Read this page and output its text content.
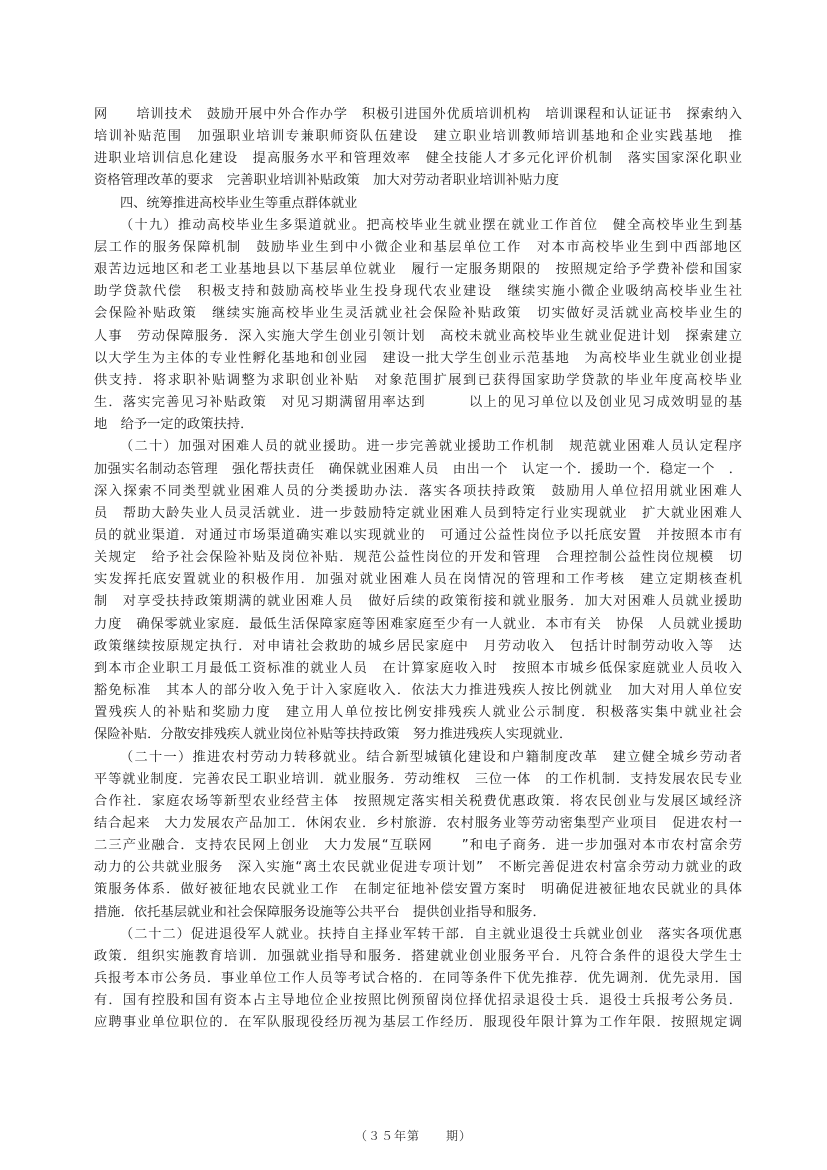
网　　培训技术　鼓励开展中外合作办学　积极引进国外优质培训机构　培训课程和认证证书　探索纳入

培训补贴范围　加强职业培训专兼职师资队伍建设　建立职业培训教师培训基地和企业实践基地　推

进职业培训信息化建设　提高服务水平和管理效率　健全技能人才多元化评价机制　落实国家深化职业

资格管理改革的要求　完善职业培训补贴政策　加大对劳动者职业培训补贴力度

四、统筹推进高校毕业生等重点群体就业

（十九）推动高校毕业生多渠道就业。把高校毕业生就业摆在就业工作首位　健全高校毕业生到基

层工作的服务保障机制　鼓励毕业生到中小微企业和基层单位工作　对本市高校毕业生到中西部地区

艰苦边远地区和老工业基地县以下基层单位就业　履行一定服务期限的　按照规定给予学费补偿和国家

助学贷款代偿　积极支持和鼓励高校毕业生投身现代农业建设　继续实施小微企业吸纳高校毕业生社

会保险补贴政策　继续实施高校毕业生灵活就业社会保险补贴政策　切实做好灵活就业高校毕业生的

人事　劳动保障服务．深入实施大学生创业引领计划　高校未就业高校毕业生就业促进计划　探索建立

以大学生为主体的专业性孵化基地和创业园　建设一批大学生创业示范基地　为高校毕业生就业创业提

供支持．将求职补贴调整为求职创业补贴　对象范围扩展到已获得国家助学贷款的毕业年度高校毕业

生．落实完善见习补贴政策　对见习期满留用率达到　　　以上的见习单位以及创业见习成效明显的基

地　给予一定的政策扶持．

（二十）加强对困难人员的就业援助。进一步完善就业援助工作机制　规范就业困难人员认定程序

加强实名制动态管理　强化帮扶责任　确保就业困难人员　由出一个　认定一个．援助一个．稳定一个　．

深入探索不同类型就业困难人员的分类援助办法．落实各项扶持政策　鼓励用人单位招用就业困难人

员　帮助大龄失业人员灵活就业．进一步鼓励特定就业困难人员到特定行业实现就业　扩大就业困难人

员的就业渠道．对通过市场渠道确实难以实现就业的　可通过公益性岗位予以托底安置　并按照本市有

关规定　给予社会保险补贴及岗位补贴．规范公益性岗位的开发和管理　合理控制公益性岗位规模　切

实发挥托底安置就业的积极作用．加强对就业困难人员在岗情况的管理和工作考核　建立定期核查机

制　对享受扶持政策期满的就业困难人员　做好后续的政策衔接和就业服务．加大对困难人员就业援助

力度　确保零就业家庭．最低生活保障家庭等困难家庭至少有一人就业．本市有关　协保　人员就业援助

政策继续按原规定执行．对申请社会救助的城乡居民家庭中　月劳动收入　包括计时制劳动收入等　达

到本市企业职工月最低工资标准的就业人员　在计算家庭收入时　按照本市城乡低保家庭就业人员收入

豁免标准　其本人的部分收入免于计入家庭收入．依法大力推进残疾人按比例就业　加大对用人单位安

置残疾人的补贴和奖励力度　建立用人单位按比例安排残疾人就业公示制度．积极落实集中就业社会

保险补贴．分散安排残疾人就业岗位补贴等扶持政策　努力推进残疾人实现就业．

（二十一）推进农村劳动力转移就业。结合新型城镇化建设和户籍制度改革　建立健全城乡劳动者

平等就业制度．完善农民工职业培训．就业服务．劳动维权　三位一体　的工作机制．支持发展农民专业

合作社．家庭农场等新型农业经营主体　按照规定落实相关税费优惠政策．将农民创业与发展区域经济

结合起来　大力发展农产品加工．休闲农业．乡村旅游．农村服务业等劳动密集型产业项目　促进农村一

二三产业融合．支持农民网上创业　大力发展“互联网　　”和电子商务．进一步加强对本市农村富余劳

动力的公共就业服务　深入实施“离土农民就业促进专项计划”　不断完善促进农村富余劳动力就业的政

策服务体系．做好被征地农民就业工作　在制定征地补偿安置方案时　明确促进被征地农民就业的具体

措施．依托基层就业和社会保障服务设施等公共平台　提供创业指导和服务．

（二十二）促进退役军人就业。扶持自主择业军转干部．自主就业退役士兵就业创业　落实各项优惠

政策．组织实施教育培训．加强就业指导和服务．搭建就业创业服务平台．凡符合条件的退役大学生士

兵报考本市公务员．事业单位工作人员等考试合格的．在同等条件下优先推荐．优先调剂．优先录用．国

有．国有控股和国有资本占主导地位企业按照比例预留岗位择优招录退役士兵．退役士兵报考公务员．

应聘事业单位职位的．在军队服现役经历视为基层工作经历．服现役年限计算为工作年限．按照规定调

（３５年第　　期）
